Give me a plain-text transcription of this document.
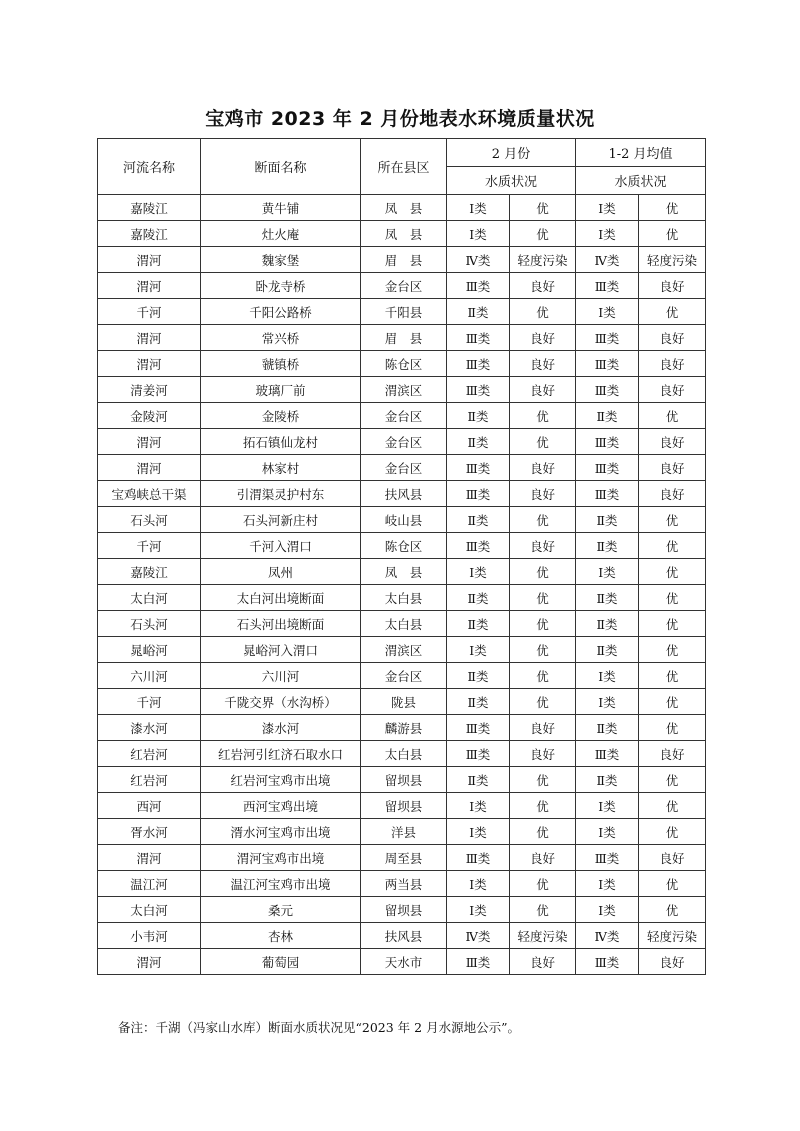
宝鸡市 2023 年 2 月份地表水环境质量状况
河流名称	断面名称	所在县区	2 月份		1-2 月均值	
			水质状况		水质状况	
嘉陵江	黄牛铺	凤　县	Ⅰ类	优	Ⅰ类	优
嘉陵江	灶火庵	凤　县	Ⅰ类	优	Ⅰ类	优
渭河	魏家堡	眉　县	Ⅳ类	轻度污染	Ⅳ类	轻度污染
渭河	卧龙寺桥	金台区	Ⅲ类	良好	Ⅲ类	良好
千河	千阳公路桥	千阳县	Ⅱ类	优	Ⅰ类	优
渭河	常兴桥	眉　县	Ⅲ类	良好	Ⅲ类	良好
渭河	虢镇桥	陈仓区	Ⅲ类	良好	Ⅲ类	良好
清姜河	玻璃厂前	渭滨区	Ⅲ类	良好	Ⅲ类	良好
金陵河	金陵桥	金台区	Ⅱ类	优	Ⅱ类	优
渭河	拓石镇仙龙村	金台区	Ⅱ类	优	Ⅲ类	良好
渭河	林家村	金台区	Ⅲ类	良好	Ⅲ类	良好
宝鸡峡总干渠	引渭渠灵护村东	扶风县	Ⅲ类	良好	Ⅲ类	良好
石头河	石头河新庄村	岐山县	Ⅱ类	优	Ⅱ类	优
千河	千河入渭口	陈仓区	Ⅲ类	良好	Ⅱ类	优
嘉陵江	凤州	凤　县	Ⅰ类	优	Ⅰ类	优
太白河	太白河出境断面	太白县	Ⅱ类	优	Ⅱ类	优
石头河	石头河出境断面	太白县	Ⅱ类	优	Ⅱ类	优
晁峪河	晁峪河入渭口	渭滨区	Ⅰ类	优	Ⅱ类	优
六川河	六川河	金台区	Ⅱ类	优	Ⅰ类	优
千河	千陇交界（水沟桥）	陇县	Ⅱ类	优	Ⅰ类	优
漆水河	漆水河	麟游县	Ⅲ类	良好	Ⅱ类	优
红岩河	红岩河引红济石取水口	太白县	Ⅲ类	良好	Ⅲ类	良好
红岩河	红岩河宝鸡市出境	留坝县	Ⅱ类	优	Ⅱ类	优
西河	西河宝鸡出境	留坝县	Ⅰ类	优	Ⅰ类	优
胥水河	湑水河宝鸡市出境	洋县	Ⅰ类	优	Ⅰ类	优
渭河	渭河宝鸡市出境	周至县	Ⅲ类	良好	Ⅲ类	良好
温江河	温江河宝鸡市出境	两当县	Ⅰ类	优	Ⅰ类	优
太白河	桑元	留坝县	Ⅰ类	优	Ⅰ类	优
小韦河	杏林	扶风县	Ⅳ类	轻度污染	Ⅳ类	轻度污染
渭河	葡萄园	天水市	Ⅲ类	良好	Ⅲ类	良好
备注：千湖（冯家山水库）断面水质状况见“2023 年 2 月水源地公示”。
